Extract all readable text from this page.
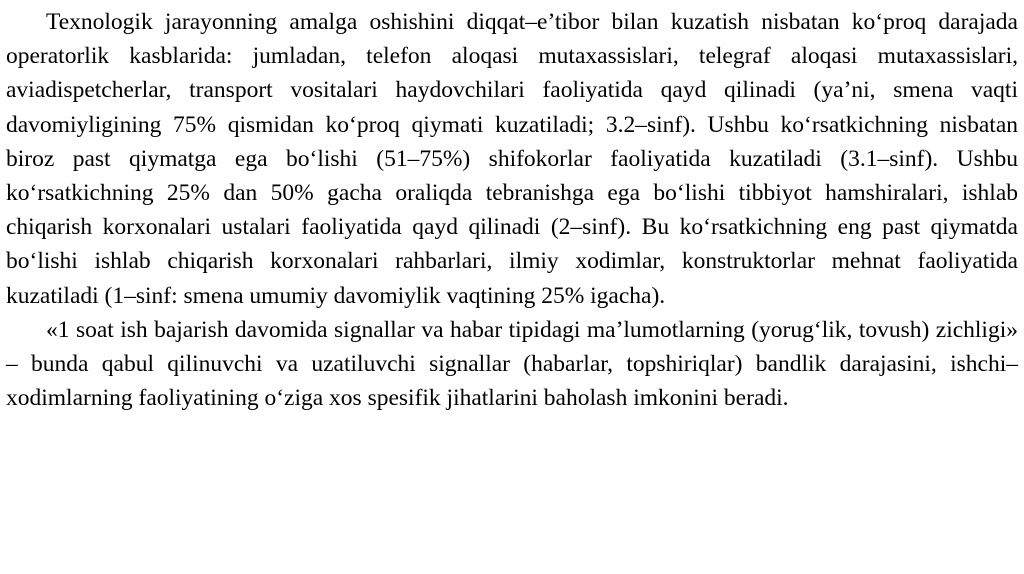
Texnologik jarayonning amalga oshishini diqqat–e’tibor bilan kuzatish nisbatan ko‘proq darajada operatorlik kasblarida: jumladan, telefon aloqasi mutaxassislari, telegraf aloqasi mutaxassislari, aviadispetcherlar, transport vositalari haydovchilari faoliyatida qayd qilinadi (ya’ni, smena vaqti davomiyligining 75% qismidan ko‘proq qiymati kuzatiladi; 3.2–sinf). Ushbu ko‘rsatkichning nisbatan biroz past qiymatga ega bo‘lishi (51–75%) shifokorlar faoliyatida kuzatiladi (3.1–sinf). Ushbu ko‘rsatkichning 25% dan 50% gacha oraliqda tebranishga ega bo‘lishi tibbiyot hamshiralari, ishlab chiqarish korxonalari ustalari faoliyatida qayd qilinadi (2–sinf). Bu ko‘rsatkichning eng past qiymatda bo‘lishi ishlab chiqarish korxonalari rahbarlari, ilmiy xodimlar, konstruktorlar mehnat faoliyatida kuzatiladi (1–sinf: smena umumiy davomiylik vaqtining 25% igacha).

«1 soat ish bajarish davomida signallar va habar tipidagi ma’lumotlarning (yorug‘lik, tovush) zichligi» – bunda qabul qilinuvchi va uzatiluvchi signallar (habarlar, topshiriqlar) bandlik darajasini, ishchi–xodimlarning faoliyatining o‘ziga xos spesifik jihatlarini baholash imkonini beradi.
